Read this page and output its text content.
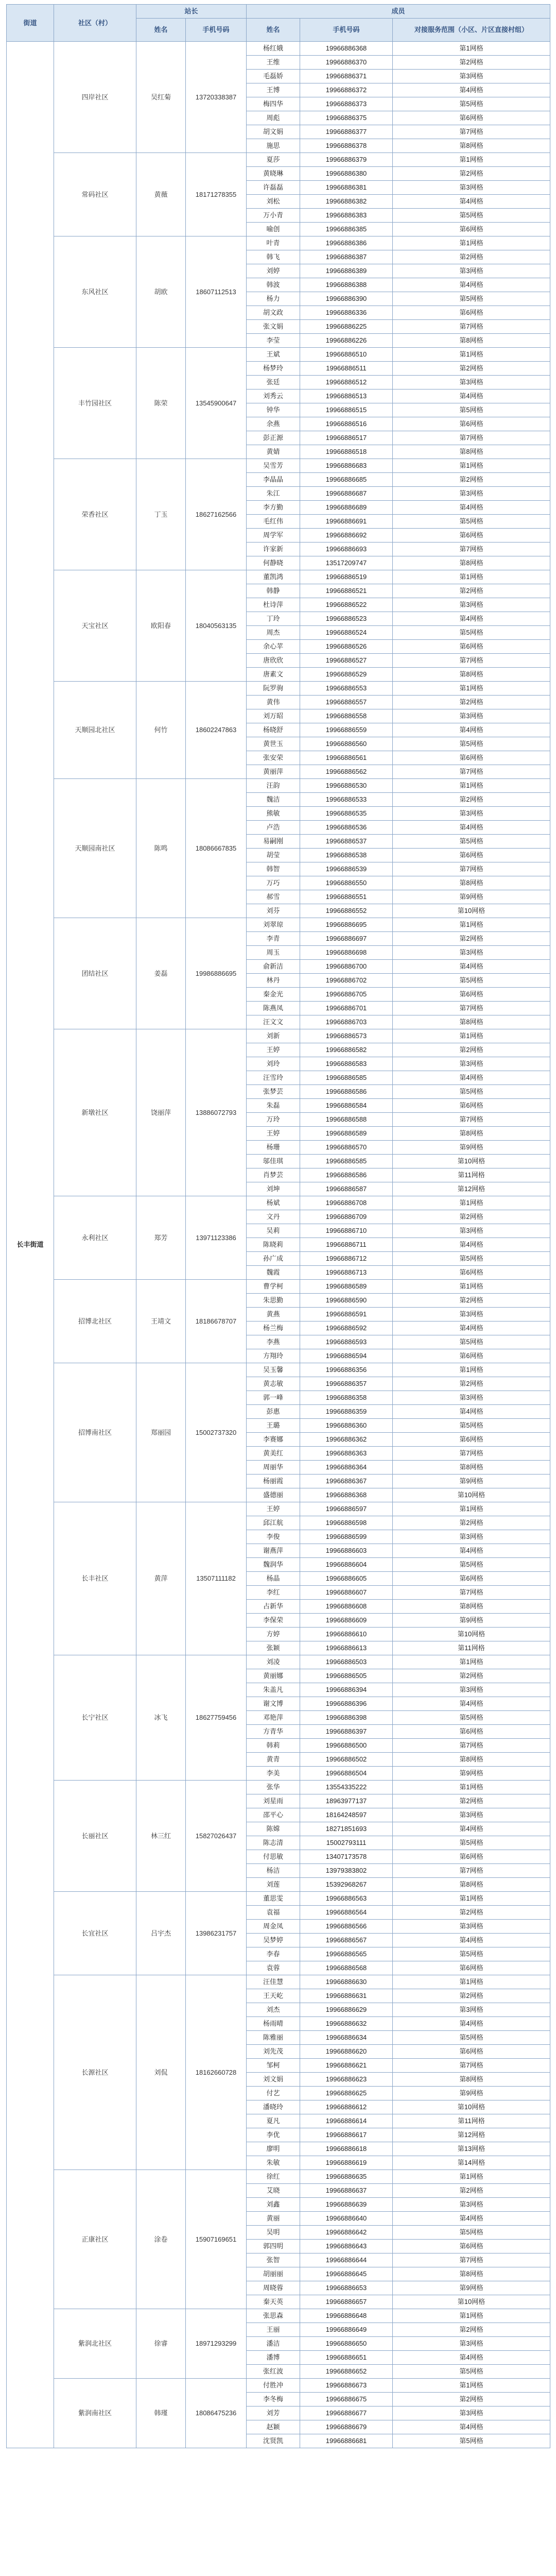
街道	社区（村）	站长		成员		
		姓名	手机号码	姓名	手机号码	对接服务范围（小区、片区直接村组）
长丰街道	四岸社区	吴红菊	13720338387	杨红娥	19966886368	第1网格
				王维	19966886370	第2网格
				毛磊娇	19966886371	第3网格
				王博	19966886372	第4网格
				梅四华	19966886373	第5网格
				周彪	19966886375	第6网格
				胡文娟	19966886377	第7网格
				施思	19966886378	第8网格
	常码社区	黄薇	18171278355	夏莎	19966886379	第1网格
				黄晓琳	19966886380	第2网格
				许磊磊	19966886381	第3网格
				刘松	19966886382	第4网格
				万小青	19966886383	第5网格
				喻创	19966886385	第6网格
	东风社区	胡欧	18607112513	叶青	19966886386	第1网格
				韩飞	19966886387	第2网格
				刘婷	19966886389	第3网格
				韩波	19966886388	第4网格
				杨力	19966886390	第5网格
				胡文政	19966886336	第6网格
				张文娟	19966886225	第7网格
				李莹	19966886226	第8网格
	丰竹园社区	陈荣	13545900647	王斌	19966886510	第1网格
				杨梦玲	19966886511	第2网格
				张廷	19966886512	第3网格
				刘秀云	19966886513	第4网格
				钟华	19966886515	第5网格
				余燕	19966886516	第6网格
				彭正源	19966886517	第7网格
				黄婧	19966886518	第8网格
	荣香社区	丁玉	18627162566	吴雪芳	19966886683	第1网格
				李晶晶	19966886685	第2网格
				朱江	19966886687	第3网格
				李方勤	19966886689	第4网格
				毛红伟	19966886691	第5网格
				周学军	19966886692	第6网格
				许家新	19966886693	第7网格
				何静晓	13517209747	第8网格
	天宝社区	欧阳春	18040563135	董凯鸿	19966886519	第1网格
				韩静	19966886521	第2网格
				杜诗萍	19966886522	第3网格
				丁玲	19966886523	第4网格
				周杰	19966886524	第5网格
				余心苹	19966886526	第6网格
				唐欣欣	19966886527	第7网格
				唐素文	19966886529	第8网格
	天顺园北社区	何竹	18602247863	阮罗驹	19966886553	第1网格
				黄伟	19966886557	第2网格
				刘万昭	19966886558	第3网格
				杨晓舒	19966886559	第4网格
				黄世玉	19966886560	第5网格
				张安荣	19966886561	第6网格
				黄丽萍	19966886562	第7网格
	天顺园南社区	陈鸣	18086667835	汪韵	19966886530	第1网格
				魏洁	19966886533	第2网格
				熊敏	19966886535	第3网格
				卢浩	19966886536	第4网格
				易嗣刚	19966886537	第5网格
				胡莹	19966886538	第6网格
				韩智	19966886539	第7网格
				万巧	19966886550	第8网格
				郝雪	19966886551	第9网格
				刘芬	19966886552	第10网格
	团结社区	姜磊	19986886695	刘翠琼	19966886695	第1网格
				李青	19966886697	第2网格
				周玉	19966886698	第3网格
				俞新洁	19966886700	第4网格
				林丹	19966886702	第5网格
				秦金光	19966886705	第6网格
				陈燕凤	19966886701	第7网格
				汪文文	19966886703	第8网格
	新墩社区	饶丽萍	13886072793	刘新	19966886573	第1网格
				王婷	19966886582	第2网格
				刘玲	19966886583	第3网格
				汪雪玲	19966886585	第4网格
				张梦芸	19966886586	第5网格
				朱磊	19966886584	第6网格
				万玲	19966886588	第7网格
				王婷	19966886589	第8网格
				杨珊	19966886570	第9网格
				邬佳琪	19966886585	第10网格
				肖梦芸	19966886586	第11网格
				刘坤	19966886587	第12网格
	永利社区	郑芳	13971123386	杨斌	19966886708	第1网格
				文丹	19966886709	第2网格
				吴莉	19966886710	第3网格
				陈晓莉	19966886711	第4网格
				孙广成	19966886712	第5网格
				魏霞	19966886713	第6网格
	招博北社区	王靖文	18186678707	曹学柯	19966886589	第1网格
				朱思勤	19966886590	第2网格
				黄燕	19966886591	第3网格
				杨兰梅	19966886592	第4网格
				李燕	19966886593	第5网格
				方翔玲	19966886594	第6网格
	招博南社区	郑丽园	15002737320	吴玉馨	19966886356	第1网格
				黄志敏	19966886357	第2网格
				郭一峰	19966886358	第3网格
				彭惠	19966886359	第4网格
				王璐	19966886360	第5网格
				李赛娜	19966886362	第6网格
				黄美红	19966886363	第7网格
				周丽华	19966886364	第8网格
				杨丽霞	19966886367	第9网格
				盛德丽	19966886368	第10网格
	长丰社区	黄萍	13507111182	王婷	19966886597	第1网格
				邱江航	19966886598	第2网格
				李俊	19966886599	第3网格
				谢燕萍	19966886603	第4网格
				魏润华	19966886604	第5网格
				杨晶	19966886605	第6网格
				李红	19966886607	第7网格
				占新华	19966886608	第8网格
				李保荣	19966886609	第9网格
				方婷	19966886610	第10网格
				张颖	19966886613	第11网格
	长宁社区	冰飞	18627759456	刘凌	19966886503	第1网格
				黄丽娜	19966886505	第2网格
				朱盖凡	19966886394	第3网格
				谢文博	19966886396	第4网格
				邓艳萍	19966886398	第5网格
				方青华	19966886397	第6网格
				韩莉	19966886500	第7网格
				黄青	19966886502	第8网格
				李美	19966886504	第9网格
	长丽社区	林三红	15827026437	张华	13554335222	第1网格
				刘星雨	18963977137	第2网格
				邵平心	18164248597	第3网格
				陈嫦	18271851693	第4网格
				陈志清	15002793111	第5网格
				付思敏	13407173578	第6网格
				杨洁	13979383802	第7网格
				刘莲	15392968267	第8网格
	长宜社区	吕宇杰	13986231757	董思雯	19966886563	第1网格
				袁福	19966886564	第2网格
				周金凤	19966886566	第3网格
				吴梦婷	19966886567	第4网格
				李春	19966886565	第5网格
				袁蓉	19966886568	第6网格
	长源社区	刘侃	18162660728	汪佳慧	19966886630	第1网格
				王天屹	19966886631	第2网格
				刘杰	19966886629	第3网格
				杨雨晴	19966886632	第4网格
				陈雅丽	19966886634	第5网格
				刘先茂	19966886620	第6网格
				邹柯	19966886621	第7网格
				刘文娟	19966886623	第8网格
				付艺	19966886625	第9网格
				潘晓玲	19966886612	第10网格
				夏凡	19966886614	第11网格
				李优	19966886617	第12网格
				廖明	19966886618	第13网格
				朱敏	19966886619	第14网格
	正康社区	涂卷	15907169651	徐红	19966886635	第1网格
				艾晓	19966886637	第2网格
				刘鑫	19966886639	第3网格
				黄丽	19966886640	第4网格
				吴明	19966886642	第5网格
				郭四明	19966886643	第6网格
				张智	19966886644	第7网格
				胡丽丽	19966886645	第8网格
				周晓蓉	19966886653	第9网格
				秦天英	19966886657	第10网格
	紫润北社区	徐睿	18971293299	张思森	19966886648	第1网格
				王丽	19966886649	第2网格
				潘洁	19966886650	第3网格
				潘博	19966886651	第4网格
				张红波	19966886652	第5网格
	紫润南社区	韩瑾	18086475236	付胜冲	19966886673	第1网格
				李冬梅	19966886675	第2网格
				刘芳	19966886677	第3网格
				赵颖	19966886679	第4网格
				沈贤凯	19966886681	第5网格
